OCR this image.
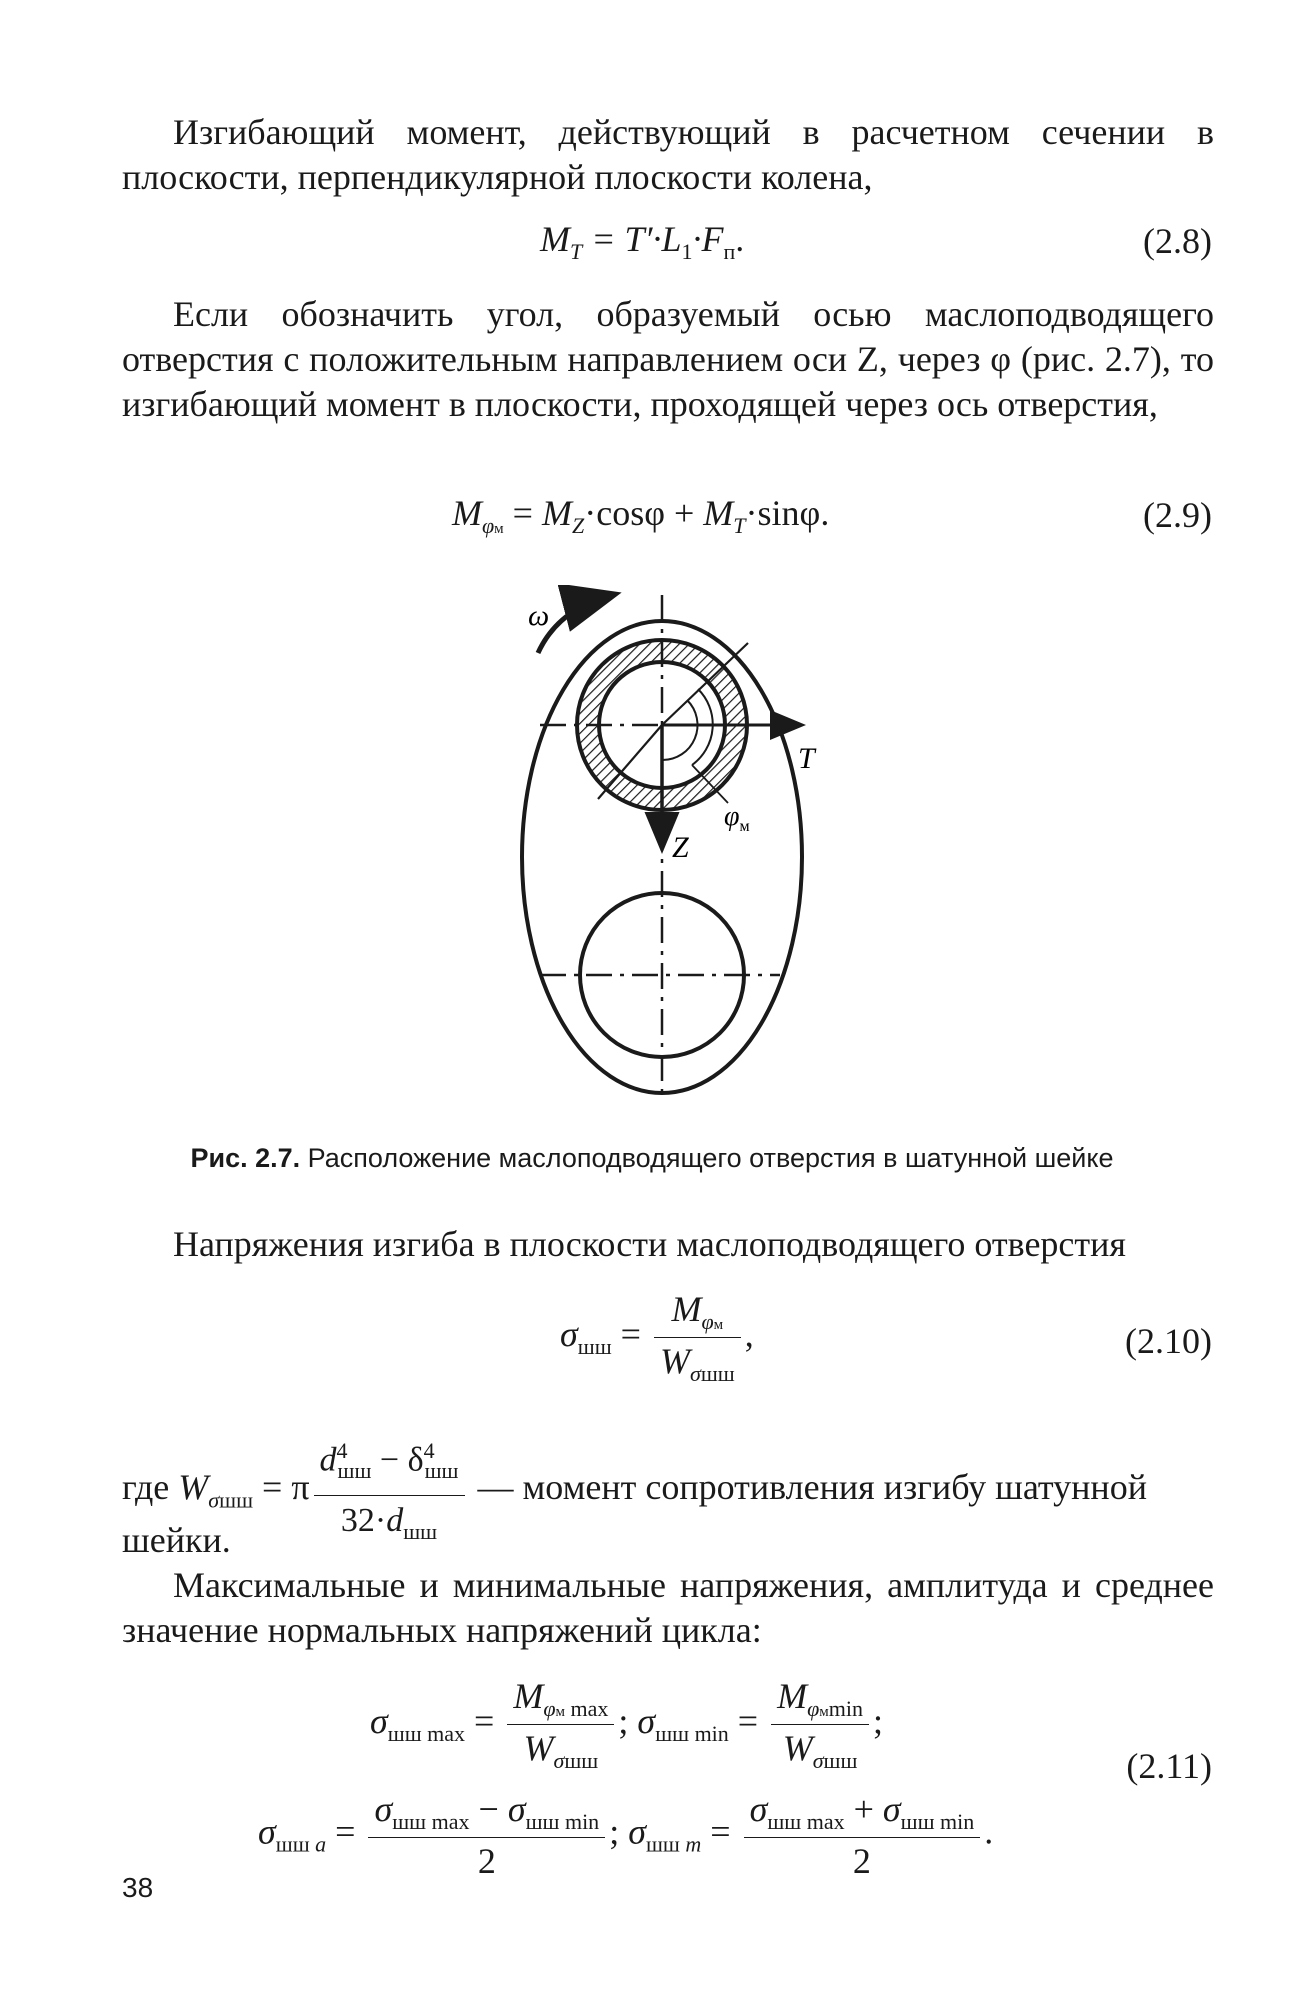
Изгибающий момент, действующий в расчетном сечении в плоскости, перпендикулярной плоскости колена,
$M_T = T'\cdot L_1\cdot F_п$.	(2.8)
Если обозначить угол, образуемый осью маслоподводящего отверстия с положительным направлением оси Z, через φ (рис. 2.7), то изгибающий момент в плоскости, проходящей через ось отверстия,
$M_{\varphi м} = M_Z\cdot\cos\varphi + M_T\cdot\sin\varphi$.	(2.9)
ω
T
Z
$\varphi_м$
Рис. 2.7. Расположение маслоподводящего отверстия в шатунной шейке
Напряжения изгиба в плоскости маслоподводящего отверстия
$\sigma_{шш} = \frac{M_{\varphi м}}{W_{\sigma шш}}$ ,	(2.10)
где $W_{\sigma шш} = \pi \frac{d^4_{шш} - \delta^4_{шш}}{32\cdot d_{шш}}$ — момент сопротивления изгибу шатунной
шейки.
Максимальные и минимальные напряжения, амплитуда и среднее значение нормальных напряжений цикла:
$\sigma_{шш max} = \frac{M_{\varphi м max}}{W_{\sigma шш}}$ ; $\sigma_{шш min} = \frac{M_{\varphi мmin}}{W_{\sigma шш}}$ ;
$\sigma_{шш a} = \frac{\sigma_{шш max} - \sigma_{шш min}}{2}$ ; $\sigma_{шш m} = \frac{\sigma_{шш max} + \sigma_{шш min}}{2}$ .
(2.11)
38
